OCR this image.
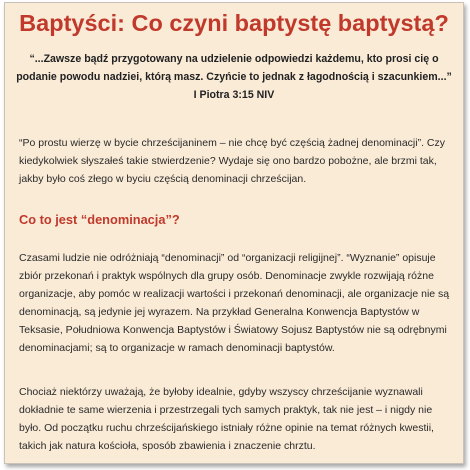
Baptyści: Co czyni baptystę baptystą?

“...Zawsze bądź przygotowany na udzielenie odpowiedzi każdemu, kto prosi cię o

podanie powodu nadziei, którą masz. Czyńcie to jednak z łagodnością i szacunkiem...”

I Piotra 3:15 NIV

“Po prostu wierzę w bycie chrześcijaninem – nie chcę być częścią żadnej denominacji”. Czy
kiedykolwiek słyszałeś takie stwierdzenie? Wydaje się ono bardzo pobożne, ale brzmi tak,
jakby było coś złego w byciu częścią denominacji chrześcijan.

Co to jest “denominacja”?

Czasami ludzie nie odróżniają “denominacji” od “organizacji religijnej”. “Wyznanie” opisuje
zbiór przekonań i praktyk wspólnych dla grupy osób. Denominacje zwykle rozwijają różne
organizacje, aby pomóc w realizacji wartości i przekonań denominacji, ale organizacje nie są
denominacją, są jedynie jej wyrazem. Na przykład Generalna Konwencja Baptystów w
Teksasie, Południowa Konwencja Baptystów i Światowy Sojusz Baptystów nie są odrębnymi
denominacjami; są to organizacje w ramach denominacji baptystów.

Chociaż niektórzy uważają, że byłoby idealnie, gdyby wszyscy chrześcijanie wyznawali
dokładnie te same wierzenia i przestrzegali tych samych praktyk, tak nie jest – i nigdy nie
było. Od początku ruchu chrześcijańskiego istniały różne opinie na temat różnych kwestii,
takich jak natura kościoła, sposób zbawienia i znaczenie chrztu.
